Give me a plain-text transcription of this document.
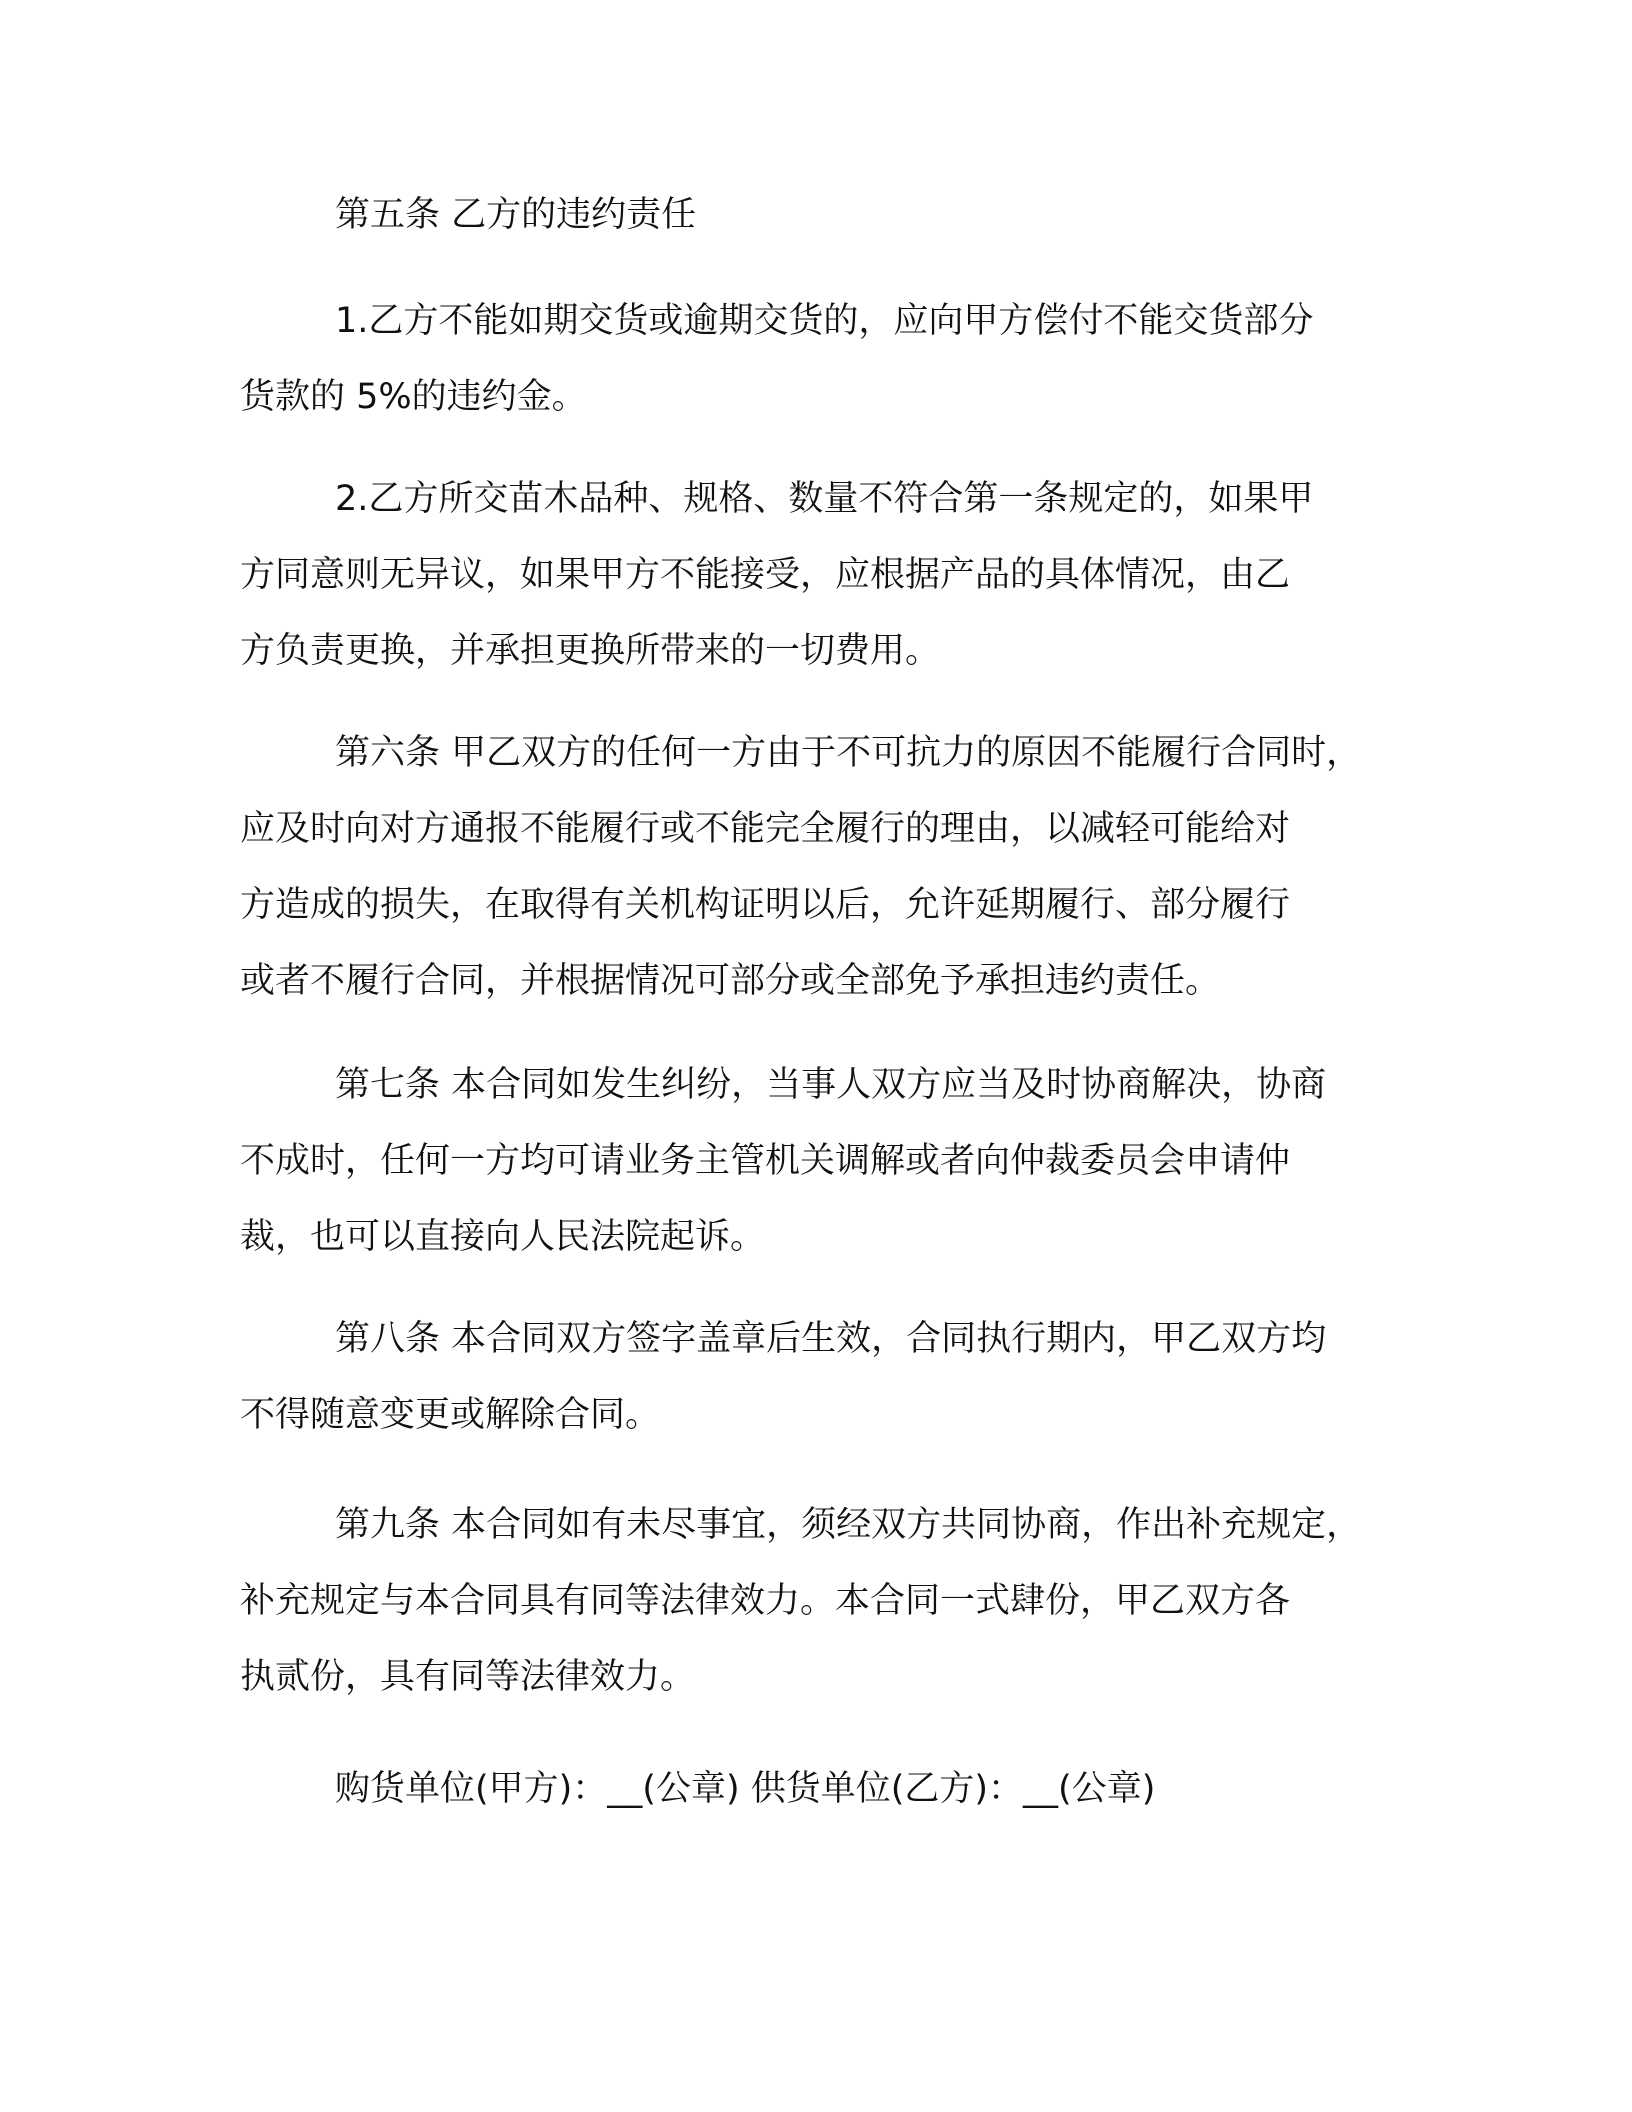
第五条 乙方的违约责任
1.乙方不能如期交货或逾期交货的，应向甲方偿付不能交货部分
货款的 5%的违约金。
2.乙方所交苗木品种、规格、数量不符合第一条规定的，如果甲
方同意则无异议，如果甲方不能接受，应根据产品的具体情况，由乙
方负责更换，并承担更换所带来的一切费用。
第六条 甲乙双方的任何一方由于不可抗力的原因不能履行合同时，
应及时向对方通报不能履行或不能完全履行的理由，以减轻可能给对
方造成的损失，在取得有关机构证明以后，允许延期履行、部分履行
或者不履行合同，并根据情况可部分或全部免予承担违约责任。
第七条 本合同如发生纠纷，当事人双方应当及时协商解决，协商
不成时，任何一方均可请业务主管机关调解或者向仲裁委员会申请仲
裁，也可以直接向人民法院起诉。
第八条 本合同双方签字盖章后生效，合同执行期内，甲乙双方均
不得随意变更或解除合同。
第九条 本合同如有未尽事宜，须经双方共同协商，作出补充规定，
补充规定与本合同具有同等法律效力。本合同一式肆份，甲乙双方各
执贰份，具有同等法律效力。
购货单位(甲方)：__(公章) 供货单位(乙方)：__(公章)
